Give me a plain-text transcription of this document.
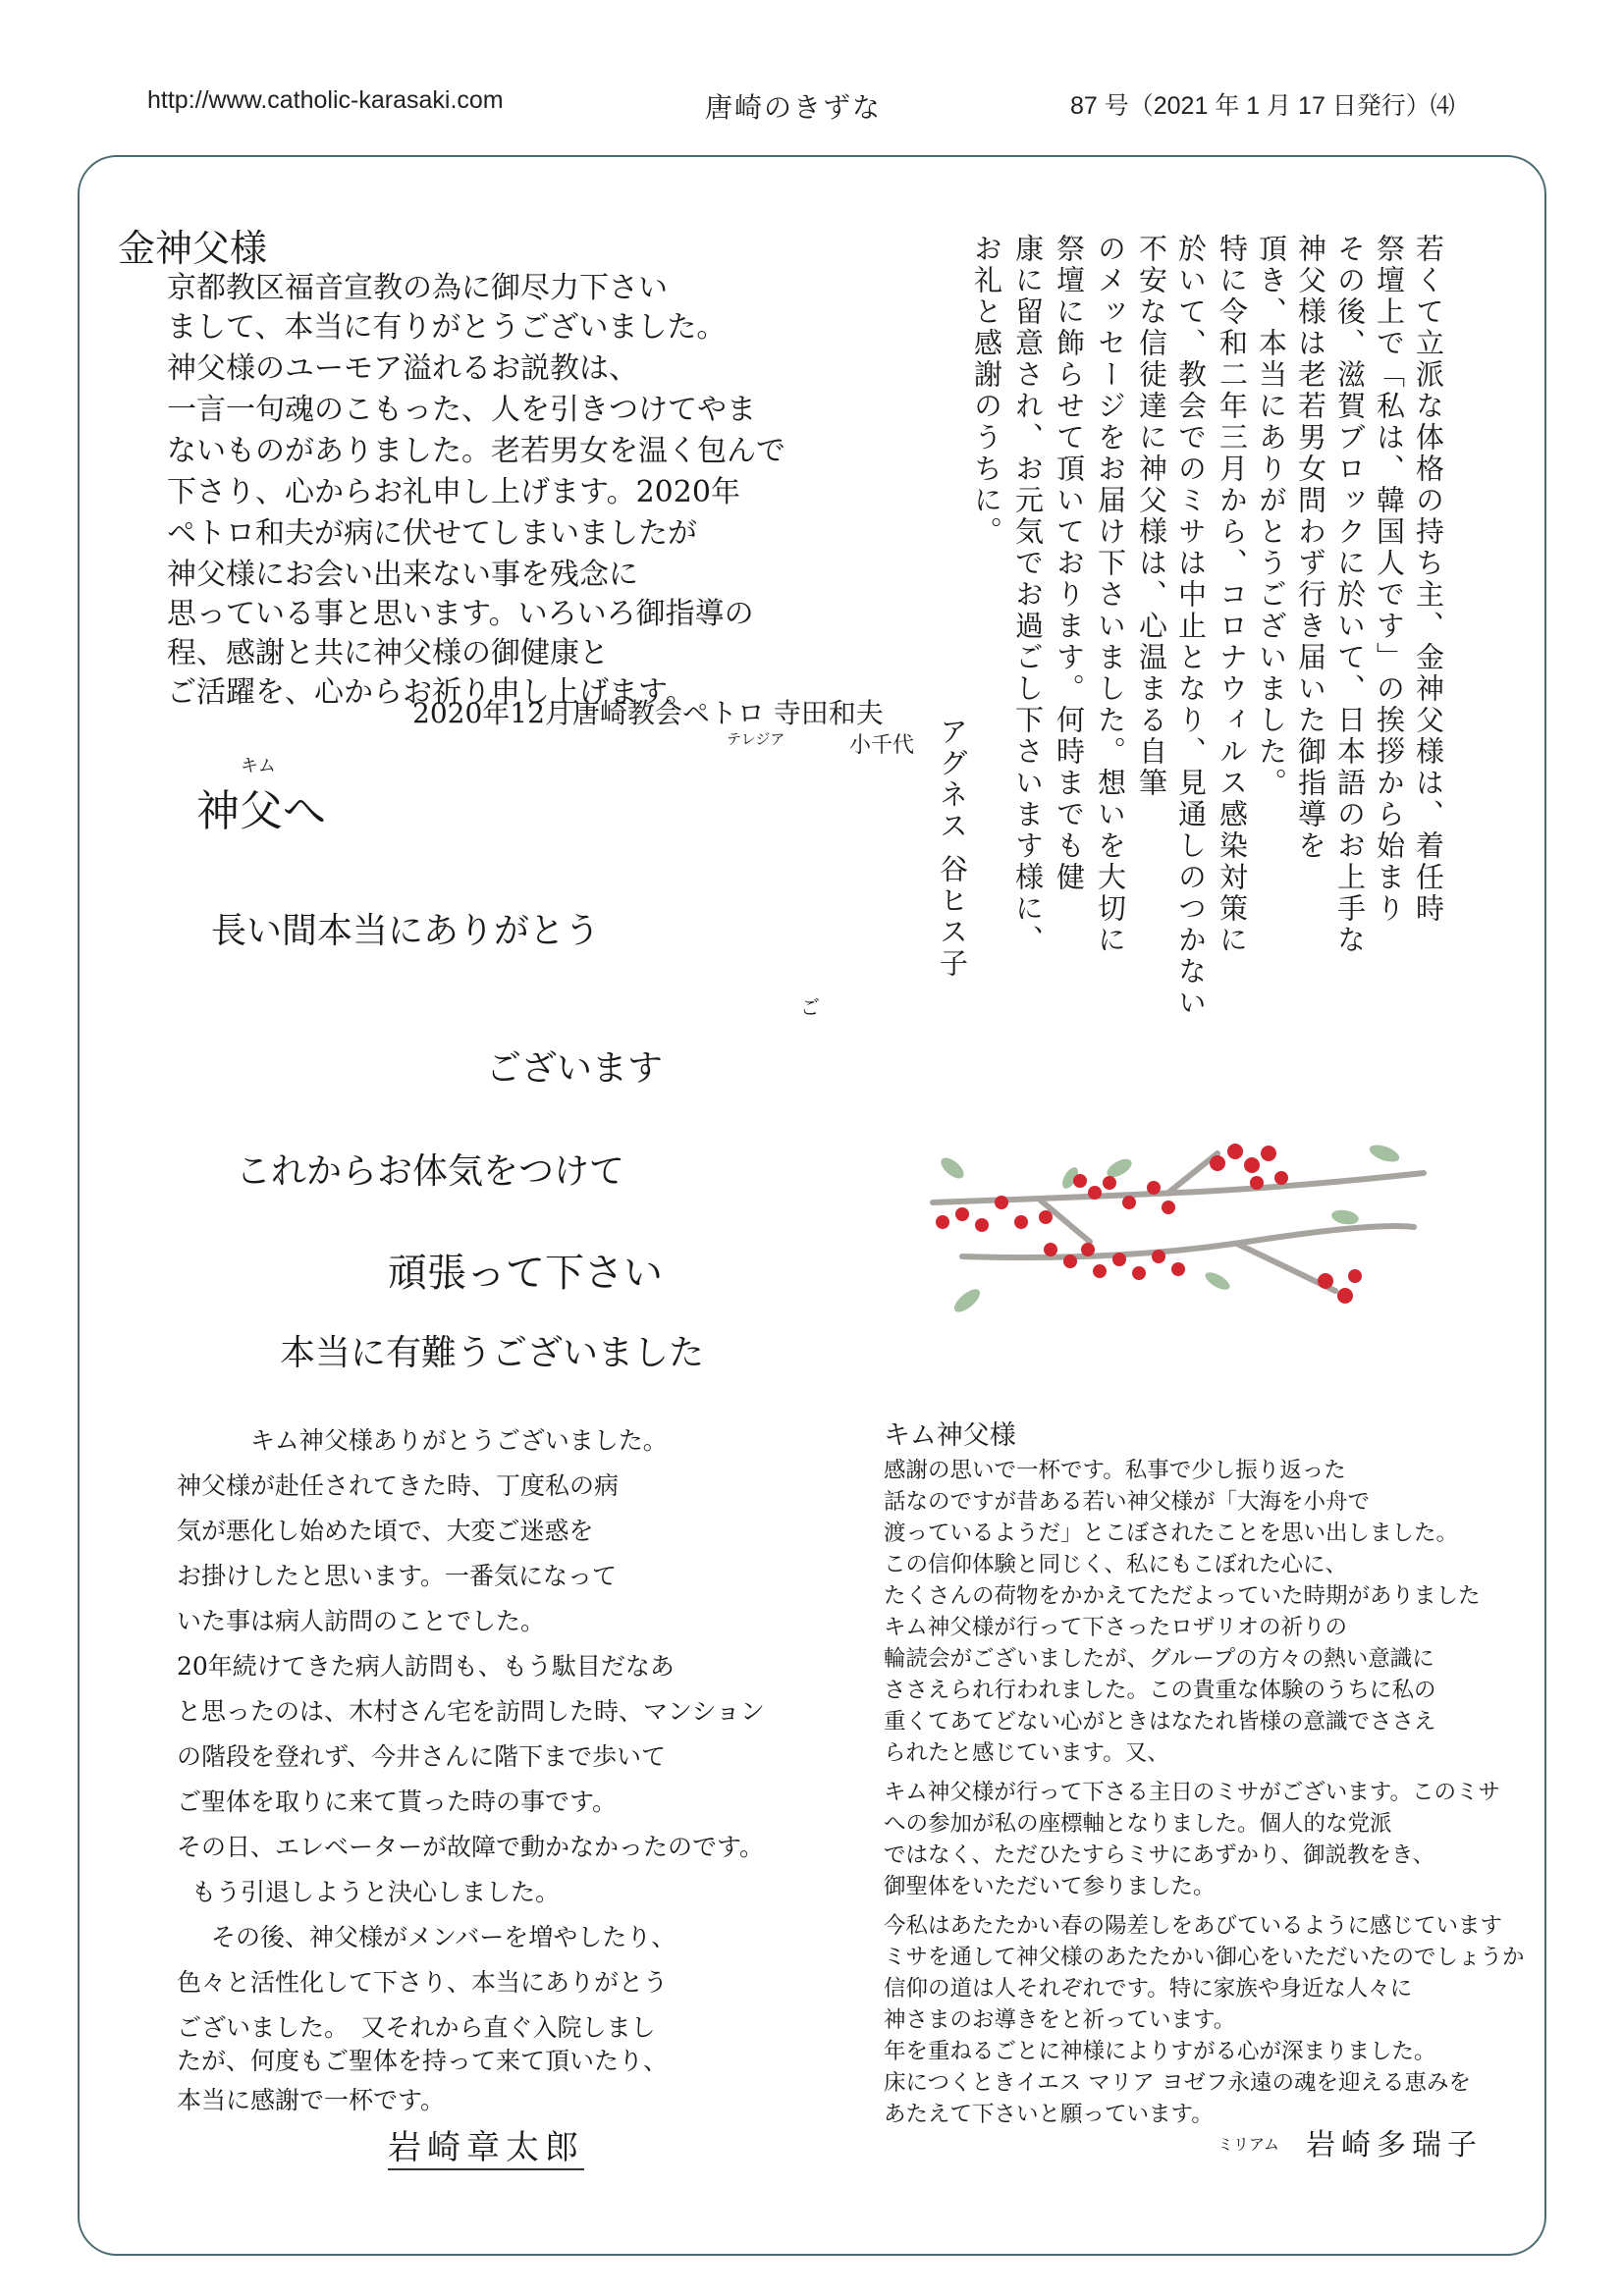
http://www.catholic-karasaki.com	唐崎のきずな	87 号（2021 年 1 月 17 日発行）⑷
金神父様
京都教区福音宣教の為に御尽力下さい
まして、本当に有りがとうございました。
神父様のユーモア溢れるお説教は、
一言一句魂のこもった、人を引きつけてやま
ないものがありました。老若男女を温く包んで
下さり、心からお礼申し上げます。2020年
ペトロ和夫が病に伏せてしまいましたが
神父様にお会い出来ない事を残念に
思っている事と思います。いろいろ御指導の
程、感謝と共に神父様の御健康と
ご活躍を、心からお祈り申し上げます。
2020年12月唐崎教会ペトロ 寺田和夫
テレジア	小千代	若くて立派な体格の持ち主、金神父様は、着任時
祭壇上で「私は、韓国人です」の挨拶から始まり
その後、滋賀ブロックに於いて、日本語のお上手な
神父様は老若男女問わず行き届いた御指導を
頂き、本当にありがとうございました。
特に令和二年三月から、コロナウィルス感染対策に
於いて、教会でのミサは中止となり、見通しのつかない
不安な信徒達に神父様は、心温まる自筆
のメッセージをお届け下さいました。想いを大切に
祭壇に飾らせて頂いております。何時までも健
康に留意され、お元気でお過ごし下さいます様に、
お礼と感謝のうちに。
アグネス 谷ヒス子
キム
神父へ
長い間本当にありがとう
ご
ございます
これからお体気をつけて
頑張って下さい
本当に有難うございました
キム神父様ありがとうございました。
神父様が赴任されてきた時、丁度私の病
気が悪化し始めた頃で、大変ご迷惑を
お掛けしたと思います。一番気になって
いた事は病人訪問のことでした。
20年続けてきた病人訪問も、もう駄目だなあ
と思ったのは、木村さん宅を訪問した時、マンション
の階段を登れず、今井さんに階下まで歩いて
ご聖体を取りに来て貰った時の事です。
その日、エレベーターが故障で動かなかったのです。
もう引退しようと決心しました。
その後、神父様がメンバーを増やしたり、
色々と活性化して下さり、本当にありがとう
ございました。　又それから直ぐ入院しまし
たが、何度もご聖体を持って来て頂いたり、
本当に感謝で一杯です。
岩崎章太郎
キム神父様
感謝の思いで一杯です。私事で少し振り返った
話なのですが昔ある若い神父様が「大海を小舟で
渡っているようだ」とこぼされたことを思い出しました。
この信仰体験と同じく、私にもこぼれた心に、
たくさんの荷物をかかえてただよっていた時期がありました
キム神父様が行って下さったロザリオの祈りの
輪読会がございましたが、グループの方々の熱い意識に
ささえられ行われました。この貴重な体験のうちに私の
重くてあてどない心がときはなたれ皆様の意識でささえ
られたと感じています。又、
キム神父様が行って下さる主日のミサがございます。このミサ
への参加が私の座標軸となりました。個人的な党派
ではなく、ただひたすらミサにあずかり、御説教をき、
御聖体をいただいて参りました。
今私はあたたかい春の陽差しをあびているように感じています
ミサを通して神父様のあたたかい御心をいただいたのでしょうか
信仰の道は人それぞれです。特に家族や身近な人々に
神さまのお導きをと祈っています。
年を重ねるごとに神様によりすがる心が深まりました。
床につくときイエス マリア ヨゼフ永遠の魂を迎える恵みを
あたえて下さいと願っています。
ミリアム 岩崎多瑞子
